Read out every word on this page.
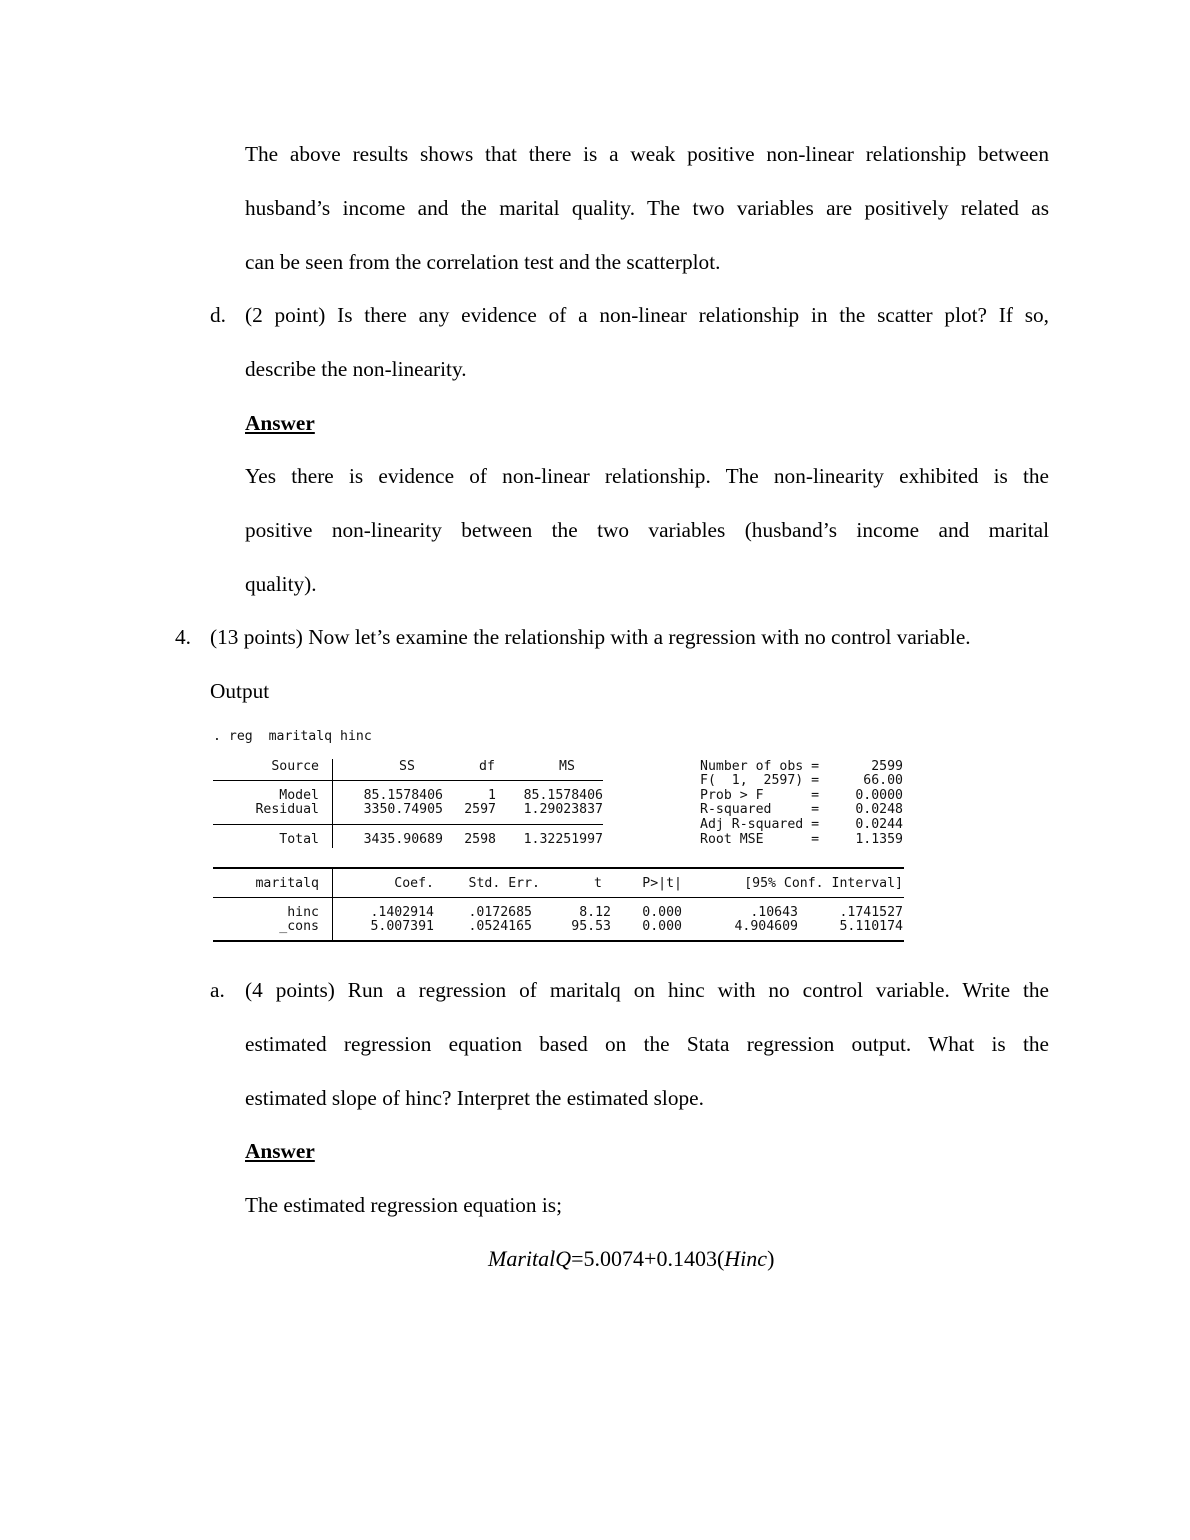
The above results shows that there is a weak positive non-linear relationship between
husband’s income and the marital quality. The two variables are positively related as
can be seen from the correlation test and the scatterplot.
d. (2 point) Is there any evidence of a non-linear relationship in the scatter plot? If so,
describe the non-linearity.
Answer
Yes there is evidence of non-linear relationship. The non-linearity exhibited is the
positive non-linearity between the two variables (husband’s income and marital
quality).
4. (13 points) Now let’s examine the relationship with a regression with no control variable.
Output
. reg  maritalq hinc
Source	SS	df	MS
Model	85.1578406	1	85.1578406
Residual	3350.74905	2597	1.29023837
Total	3435.90689	2598	1.32251997
Number of obs =	2599
F(  1,  2597) =	66.00
Prob > F      =	0.0000
R-squared     =	0.0248
Adj R-squared =	0.0244
Root MSE      =	1.1359
maritalq	Coef.	Std. Err.	t	P>|t|	[95% Conf. Interval]
hinc	.1402914	.0172685	8.12	0.000	.10643	.1741527
_cons	5.007391	.0524165	95.53	0.000	4.904609	5.110174
a. (4 points) Run a regression of maritalq on hinc with no control variable. Write the
estimated regression equation based on the Stata regression output. What is the
estimated slope of hinc? Interpret the estimated slope.
Answer
The estimated regression equation is;
MaritalQ=5.0074+0.1403(Hinc)
